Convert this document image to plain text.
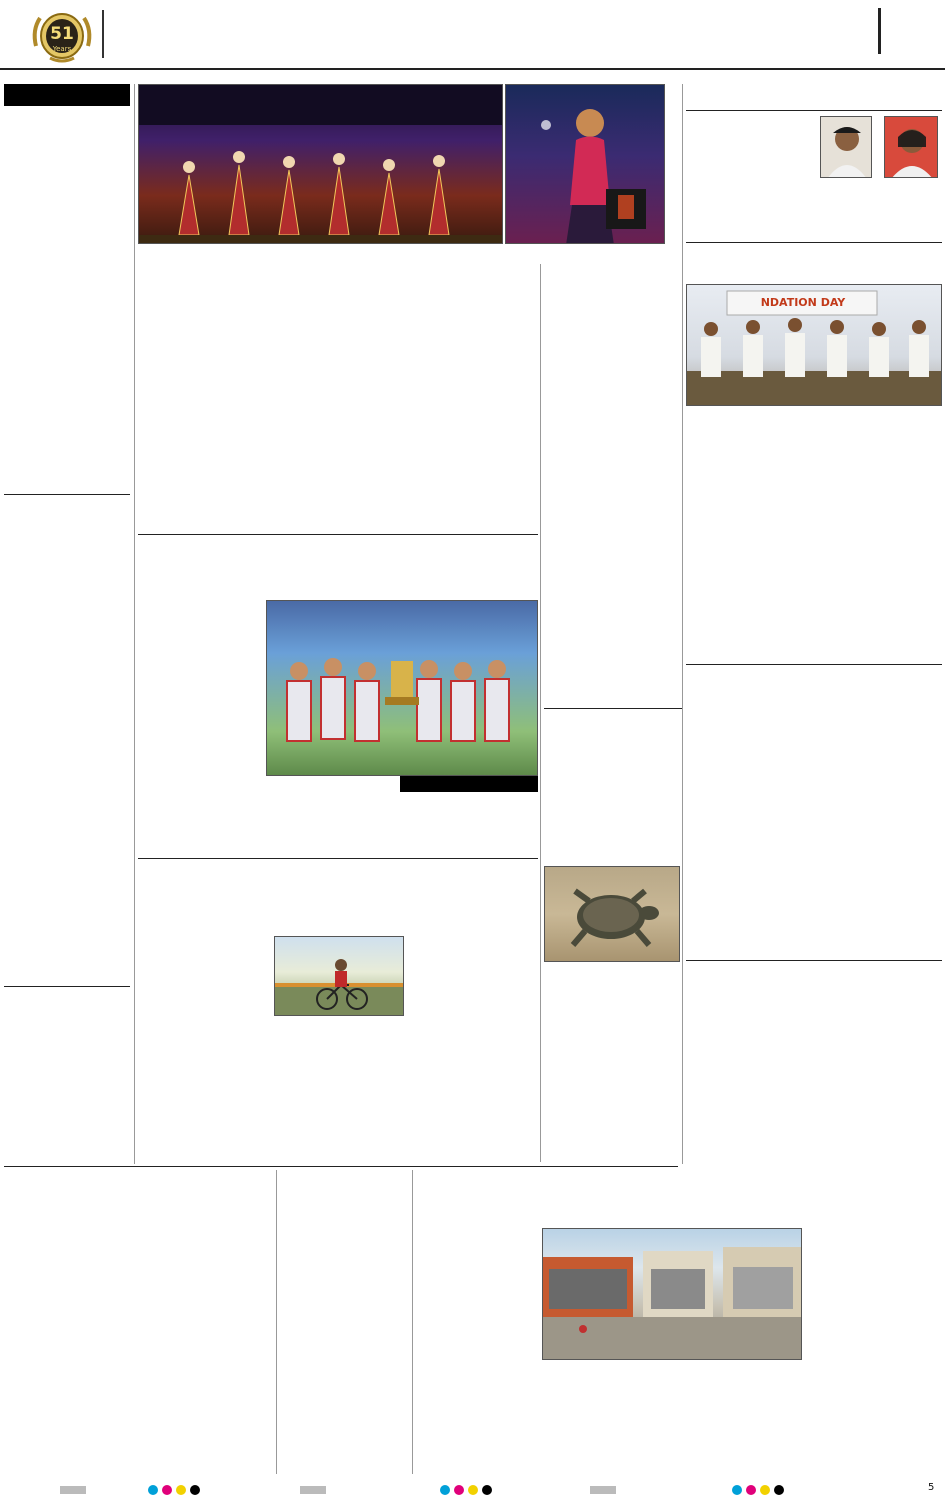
51
Years
NDATION DAY
5
